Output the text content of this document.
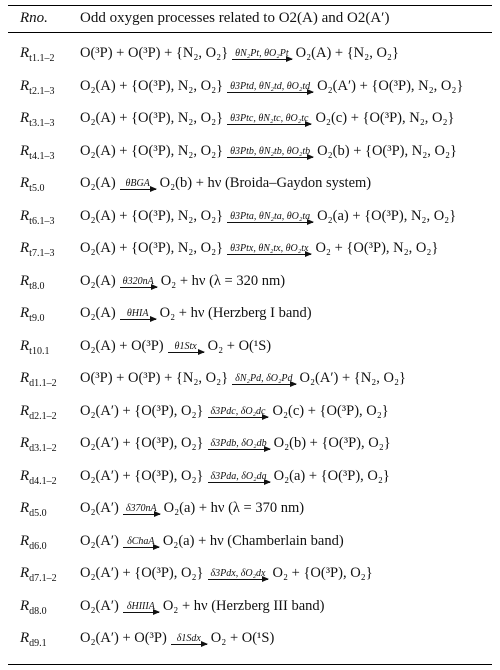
Rno. Odd oxygen processes related to O2(A) and O2(A′)
$R_{t1.1-2}$ O(³P) + O(³P) + {N₂, O₂} θN₂Pt, θO₂Pt O₂(A) + {N₂, O₂}
$R_{t2.1-3}$ O₂(A) + {O(³P), N₂, O₂} θ3Ptd, θN₂td, θO₂td O₂(A′) + {O(³P), N₂, O₂}
$R_{t3.1-3}$ O₂(A) + {O(³P), N₂, O₂} θ3Ptc, θN₂tc, θO₂tc O₂(c) + {O(³P), N₂, O₂}
$R_{t4.1-3}$ O₂(A) + {O(³P), N₂, O₂} θ3Ptb, θN₂tb, θO₂tb O₂(b) + {O(³P), N₂, O₂}
$R_{t5.0}$ O₂(A) θBGA O₂(b) + hν (Broida–Gaydon system)
$R_{t6.1-3}$ O₂(A) + {O(³P), N₂, O₂} θ3Pta, θN₂ta, θO₂ta O₂(a) + {O(³P), N₂, O₂}
$R_{t7.1-3}$ O₂(A) + {O(³P), N₂, O₂} θ3Ptx, θN₂tx, θO₂tx O₂ + {O(³P), N₂, O₂}
$R_{t8.0}$ O₂(A) θ320nA O₂ + hν (λ = 320 nm)
$R_{t9.0}$ O₂(A)	θHIA O₂ + hν (Herzberg I band)
$R_{t10.1}$ O₂(A) + O(³P)	θ1Stx O₂ + O(¹S)
$R_{d1.1-2}$ O(³P) + O(³P) + {N₂, O₂} δN₂Pd, δO₂Pd O₂(A′) + {N₂, O₂}
$R_{d2.1-2}$ O₂(A′) + {O(³P), O₂} δ3Pdc, δO₂dc O₂(c) + {O(³P), O₂}
$R_{d3.1-2}$ O₂(A′) + {O(³P), O₂} δ3Pdb, δO₂db O₂(b) + {O(³P), O₂}
$R_{d4.1-2}$ O₂(A′) + {O(³P), O₂} δ3Pda, δO₂da O₂(a) + {O(³P), O₂}
$R_{d5.0}$ O₂(A′) δ370nA O₂(a) + hν (λ = 370 nm)
$R_{d6.0}$ O₂(A′) δChaA O₂(a) + hν (Chamberlain band)
$R_{d7.1-2}$ O₂(A′) + {O(³P), O₂} δ3Pdx, δO₂dx O₂ + {O(³P), O₂}
$R_{d8.0}$ O₂(A′) δHIIIA O₂ + hν (Herzberg III band)
$R_{d9.1}$ O₂(A′) + O(³P) δ1Sdx O₂ + O(¹S)
